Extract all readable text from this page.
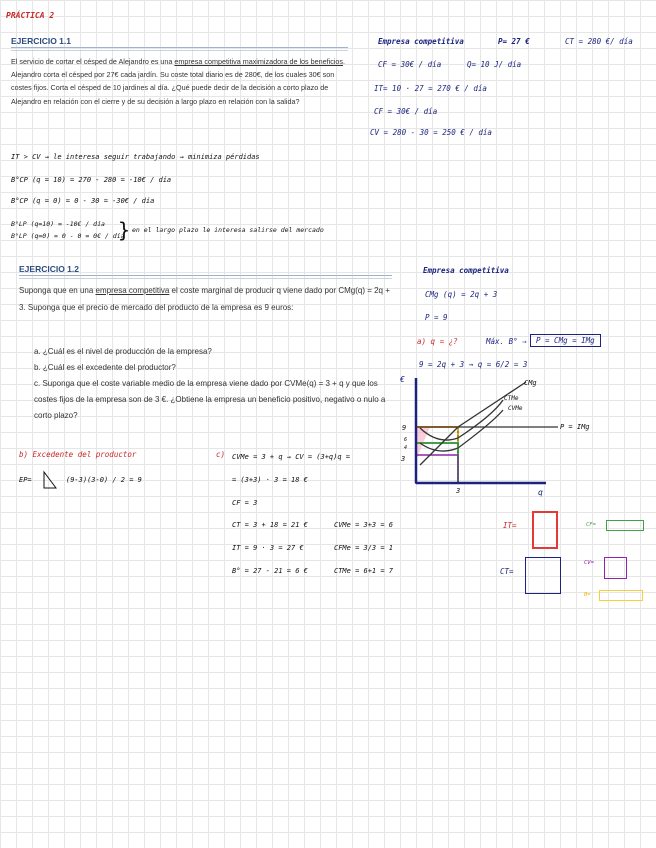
PRÁCTICA 2
EJERCICIO 1.1
El servicio de cortar el césped de Alejandro es una empresa competitiva maximizadora de los beneficios. Alejandro corta el césped por 27€ cada jardín. Su coste total diario es de 280€, de los cuales 30€ son costes fijos. Corta el césped de 10 jardines al día. ¿Qué puede decir de la decisión a corto plazo de Alejandro en relación con el cierre y de su decisión a largo plazo en relación con la salida?
Empresa competitiva	P= 27 €	CT = 280 €/ día
CF = 30€ / día	Q= 10 J/ día
IT= 10 · 27 = 270 € / día
CF = 30€ / día
CV = 280 - 30 = 250 € / día
IT > CV → le interesa seguir trabajando → minimiza pérdidas
B°CP (q = 10) = 270 - 280 = -10€ / día
B°CP (q = 0) = 0 - 30 = -30€ / día
B°LP (q=10) = -10€ / día
B°LP (q=0) = 0 - 0 = 0€ / día
} en el largo plazo le interesa salirse del mercado
EJERCICIO 1.2
Suponga que en una empresa competitiva el coste marginal de producir q viene dado por CMg(q) = 2q + 3. Suponga que el precio de mercado del producto de la empresa es 9 euros:
a. ¿Cuál es el nivel de producción de la empresa?
b. ¿Cuál es el excedente del productor?
c. Suponga que el coste variable medio de la empresa viene dado por CVMe(q) = 3 + q y que los costes fijos de la empresa son de 3 €. ¿Obtiene la empresa un beneficio positivo, negativo o nulo a corto plazo?
Empresa competitiva
CMg (q) = 2q + 3
P = 9
a) q = ¿?	Máx. B° ⇒	P = CMg = IMg
9 = 2q + 3 → q = 6/2 = 3
€
q
CMg
CTMe
CVMe
P = IMg
9
6
4
3
3
b) Excedente del productor
EP=	(9-3)(3-0) / 2 = 9
c) CVMe = 3 + q → CV = (3+q)q =
= (3+3) · 3 = 18 €
CF = 3
CT = 3 + 18 = 21 €
IT = 9 · 3 = 27 €
B° = 27 - 21 = 6 €
CVMe = 3+3 = 6
CFMe = 3/3 = 1
CTMe = 6+1 = 7
IT=
CT=
CF=
CV=
B=
